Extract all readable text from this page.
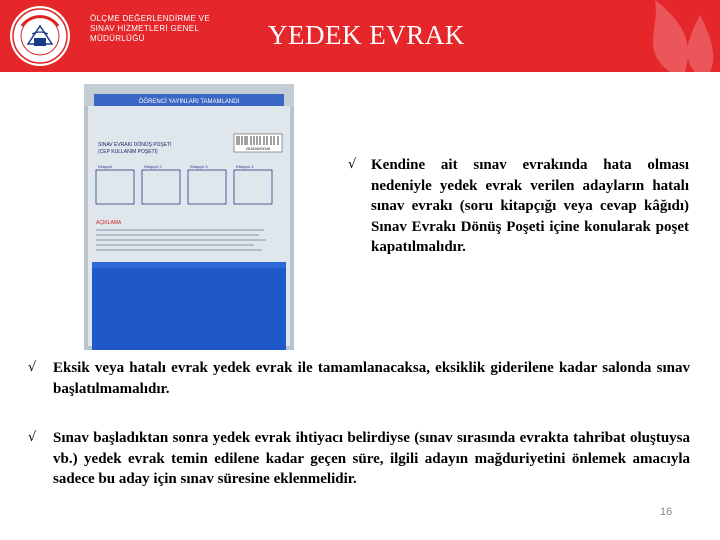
ÖLÇME DEĞERLENDİRME VE
SINAV HİZMETLERİ GENEL
MÜDÜRLÜĞÜ	YEDEK EVRAK
ÖĞRENCİ YAYINLARI TAMAMLANDI
SINAV EVRAKI DÖNÜŞ POŞETİ
(CEP KULLANIM POŞETİ)
26150000049
Kitapçık	Kitapçık 2	Kitapçık 3	Kitapçık 4
AÇIKLAMA
√ Kendine ait sınav evrakında hata olması nedeniyle yedek evrak verilen adayların hatalı sınav evrakı (soru kitapçığı veya cevap kâğıdı) Sınav Evrakı Dönüş Poşeti içine konularak poşet kapatılmalıdır.
√ Eksik veya hatalı evrak yedek evrak ile tamamlanacaksa, eksiklik giderilene kadar salonda sınav başlatılmamalıdır.
√ Sınav başladıktan sonra yedek evrak ihtiyacı belirdiyse (sınav sırasında evrakta tahribat oluştuysa vb.) yedek evrak temin edilene kadar geçen süre, ilgili adayın mağduriyetini önlemek amacıyla sadece bu aday için sınav süresine eklenmelidir.
16
